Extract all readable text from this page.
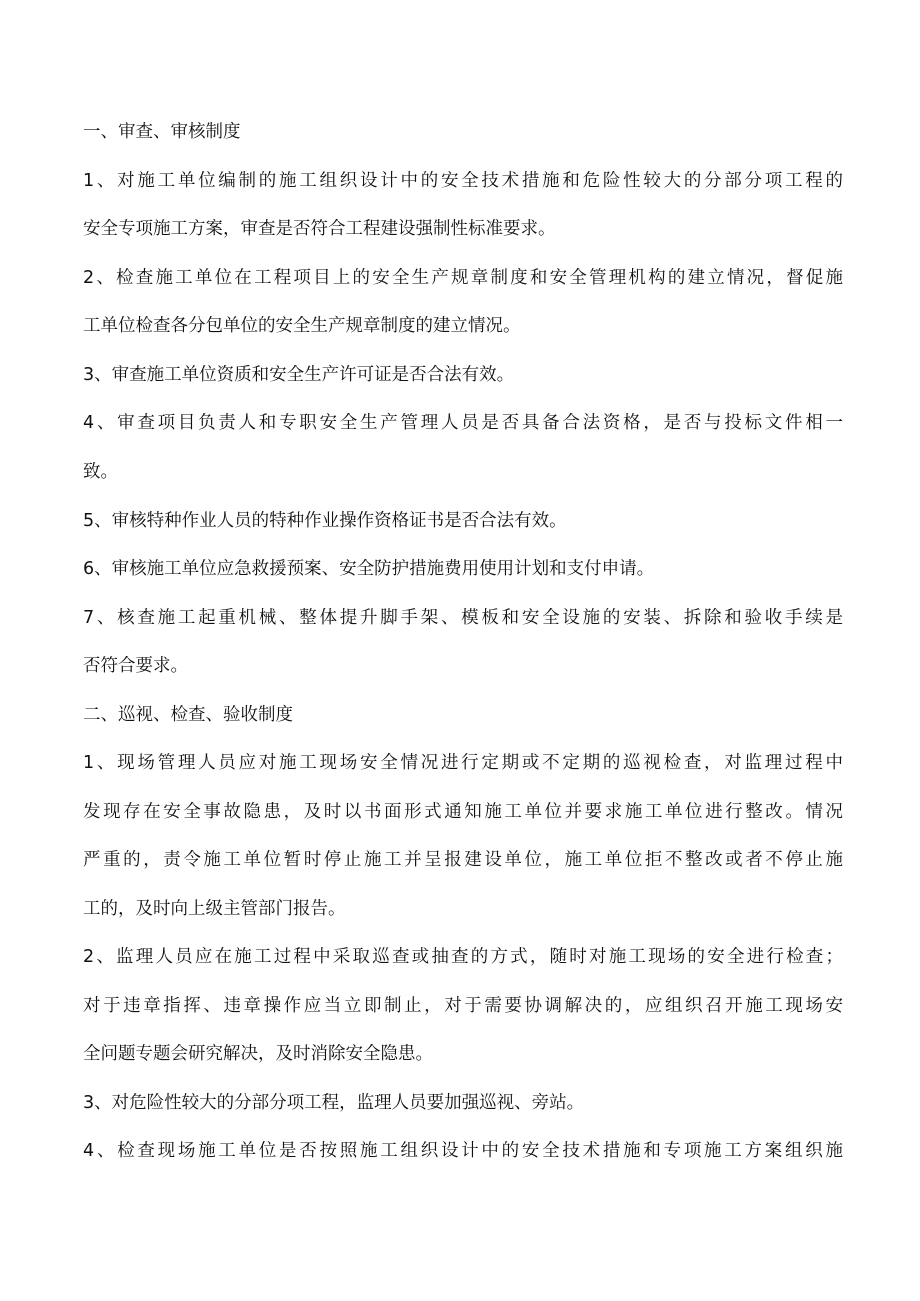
一、审查、审核制度
1、对施工单位编制的施工组织设计中的安全技术措施和危险性较大的分部分项工程的
安全专项施工方案，审查是否符合工程建设强制性标准要求。
2、检查施工单位在工程项目上的安全生产规章制度和安全管理机构的建立情况，督促施
工单位检查各分包单位的安全生产规章制度的建立情况。
3、审查施工单位资质和安全生产许可证是否合法有效。
4、审查项目负责人和专职安全生产管理人员是否具备合法资格，是否与投标文件相一
致。
5、审核特种作业人员的特种作业操作资格证书是否合法有效。
6、审核施工单位应急救援预案、安全防护措施费用使用计划和支付申请。
7、核查施工起重机械、整体提升脚手架、模板和安全设施的安装、拆除和验收手续是
否符合要求。
二、巡视、检查、验收制度
1、现场管理人员应对施工现场安全情况进行定期或不定期的巡视检查，对监理过程中
发现存在安全事故隐患，及时以书面形式通知施工单位并要求施工单位进行整改。情况
严重的，责令施工单位暂时停止施工并呈报建设单位，施工单位拒不整改或者不停止施
工的，及时向上级主管部门报告。
2、监理人员应在施工过程中采取巡查或抽查的方式，随时对施工现场的安全进行检查；
对于违章指挥、违章操作应当立即制止，对于需要协调解决的，应组织召开施工现场安
全问题专题会研究解决，及时消除安全隐患。
3、对危险性较大的分部分项工程，监理人员要加强巡视、旁站。
4、检查现场施工单位是否按照施工组织设计中的安全技术措施和专项施工方案组织施
